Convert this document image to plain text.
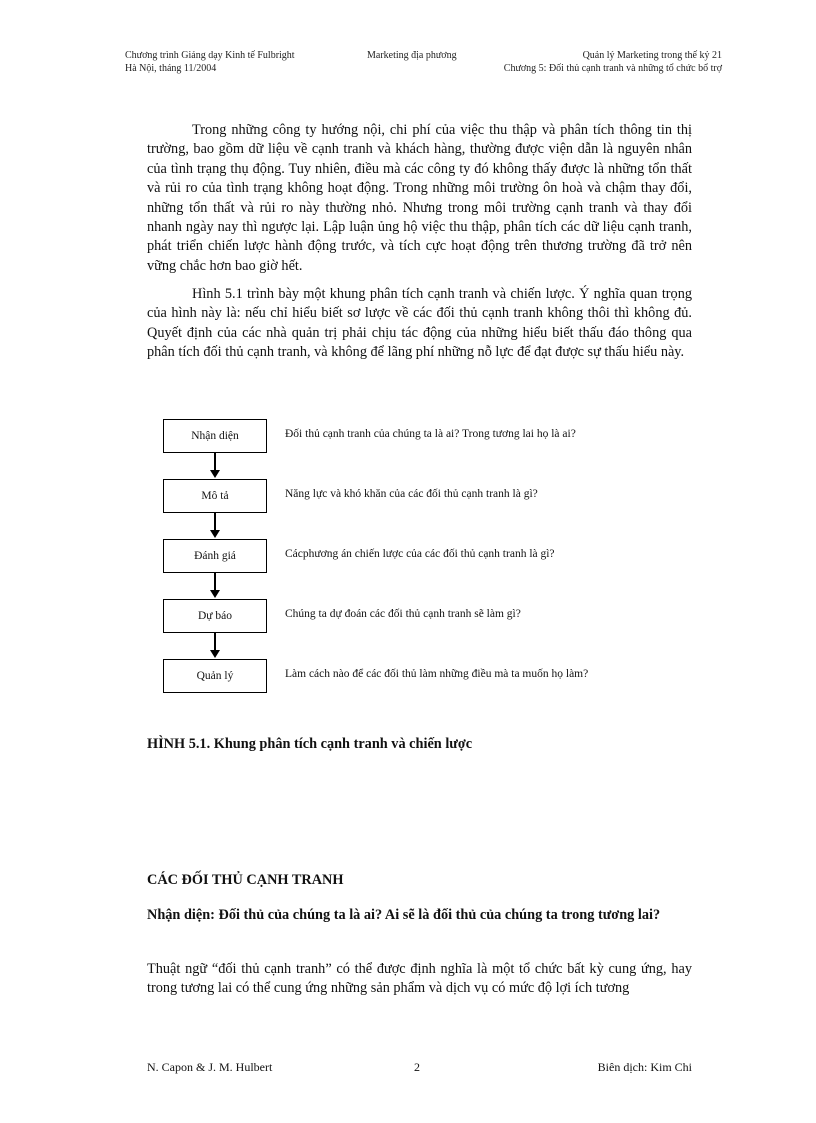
Chương trình Giảng dạy Kinh tế Fulbright
Hà Nội, tháng 11/2004
Marketing địa phương	Quản lý Marketing trong thế kỷ 21
Chương 5: Đối thủ cạnh tranh và những tổ chức bổ trợ

Trong những công ty hướng nội, chi phí của việc thu thập và phân tích thông tin thị trường, bao gồm dữ liệu về cạnh tranh và khách hàng, thường được viện dẫn là nguyên nhân của tình trạng thụ động. Tuy nhiên, điều mà các công ty đó không thấy được là những tổn thất và rủi ro của tình trạng không hoạt động. Trong những môi trường ôn hoà và chậm thay đổi, những tổn thất và rủi ro này thường nhỏ. Nhưng trong môi trường cạnh tranh và thay đổi nhanh ngày nay thì ngược lại. Lập luận ủng hộ việc thu thập, phân tích các dữ liệu cạnh tranh, phát triển chiến lược hành động trước, và tích cực hoạt động trên thương trường đã trở nên vững chắc hơn bao giờ hết.

Hình 5.1 trình bày một khung phân tích cạnh tranh và chiến lược. Ý nghĩa quan trọng của hình này là: nếu chỉ hiểu biết sơ lược về các đối thủ cạnh tranh không thôi thì không đủ. Quyết định của các nhà quản trị phải chịu tác động của những hiểu biết thấu đáo thông qua phân tích đối thủ cạnh tranh, và không để lãng phí những nỗ lực để đạt được sự thấu hiểu này.

Nhận diện	Đối thủ cạnh tranh của chúng ta là ai? Trong tương lai họ là ai?
Mô tả	Năng lực và khó khăn của các đối thủ cạnh tranh là gì?
Đánh giá	Cácphương án chiến lược của các đối thủ cạnh tranh là gì?
Dự báo	Chúng ta dự đoán các đối thủ cạnh tranh sẽ làm gì?
Quản lý	Làm cách nào để các đối thủ làm những điều mà ta muốn họ làm?
HÌNH 5.1. Khung phân tích cạnh tranh và chiến lược
CÁC ĐỐI THỦ CẠNH TRANH

Nhận diện: Đối thủ của chúng ta là ai? Ai sẽ là đối thủ của chúng ta trong tương lai?

Thuật ngữ “đối thủ cạnh tranh” có thể được định nghĩa là một tổ chức bất kỳ cung ứng, hay trong tương lai có thể cung ứng những sản phẩm và dịch vụ có mức độ lợi ích tương

N. Capon & J. M. Hulbert	2	Biên dịch: Kim Chi
